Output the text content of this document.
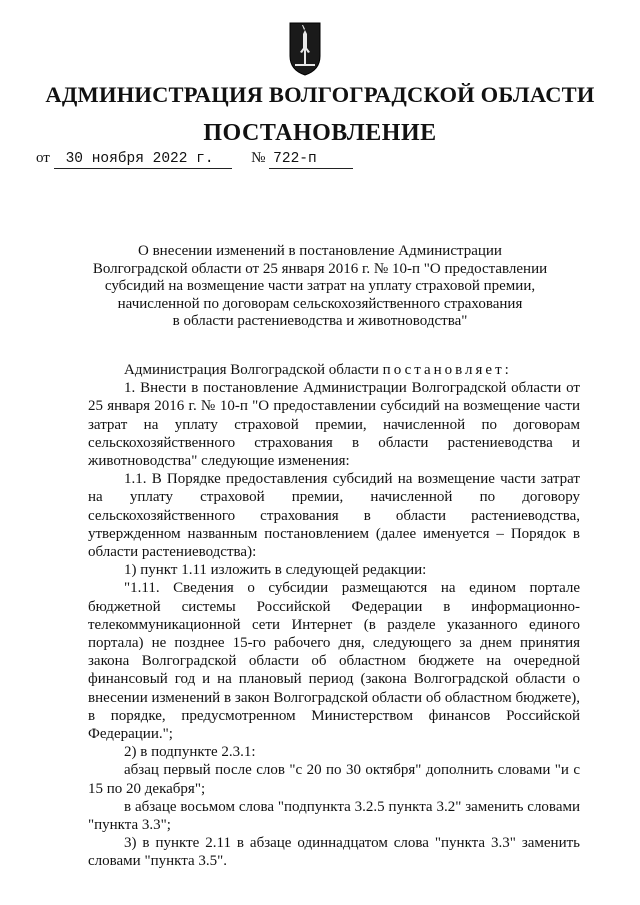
АДМИНИСТРАЦИЯ ВОЛГОГРАДСКОЙ ОБЛАСТИ
ПОСТАНОВЛЕНИЕ
от 30 ноября 2022 г.	№ 722-п
О внесении изменений в постановление Администрации
Волгоградской области от 25 января 2016 г. № 10-п "О предоставлении
субсидий на возмещение части затрат на уплату страховой премии,
начисленной по договорам сельскохозяйственного страхования
в области растениеводства и животноводства"

Администрация Волгоградской области постановляет:

1. Внести в постановление Администрации Волгоградской области от 25 января 2016 г. № 10-п "О предоставлении субсидий на возмещение части затрат на уплату страховой премии, начисленной по договорам сельскохозяйственного страхования в области растениеводства и животноводства" следующие изменения:

1.1. В Порядке предоставления субсидий на возмещение части затрат на уплату страховой премии, начисленной по договору сельскохозяйственного страхования в области растениеводства, утвержденном названным постановлением (далее именуется – Порядок в области растениеводства):

1) пункт 1.11 изложить в следующей редакции:

"1.11. Сведения о субсидии размещаются на едином портале бюджетной системы Российской Федерации в информационно-телекоммуникационной сети Интернет (в разделе указанного единого портала) не позднее 15-го рабочего дня, следующего за днем принятия закона Волгоградской области об областном бюджете на очередной финансовый год и на плановый период (закона Волгоградской области о внесении изменений в закон Волгоградской области об областном бюджете), в порядке, предусмотренном Министерством финансов Российской Федерации.";

2) в подпункте 2.3.1:

абзац первый после слов "с 20 по 30 октября" дополнить словами "и с 15 по 20 декабря";

в абзаце восьмом слова "подпункта 3.2.5 пункта 3.2" заменить словами "пункта 3.3";

3) в пункте 2.11 в абзаце одиннадцатом слова "пункта 3.3" заменить словами "пункта 3.5".
